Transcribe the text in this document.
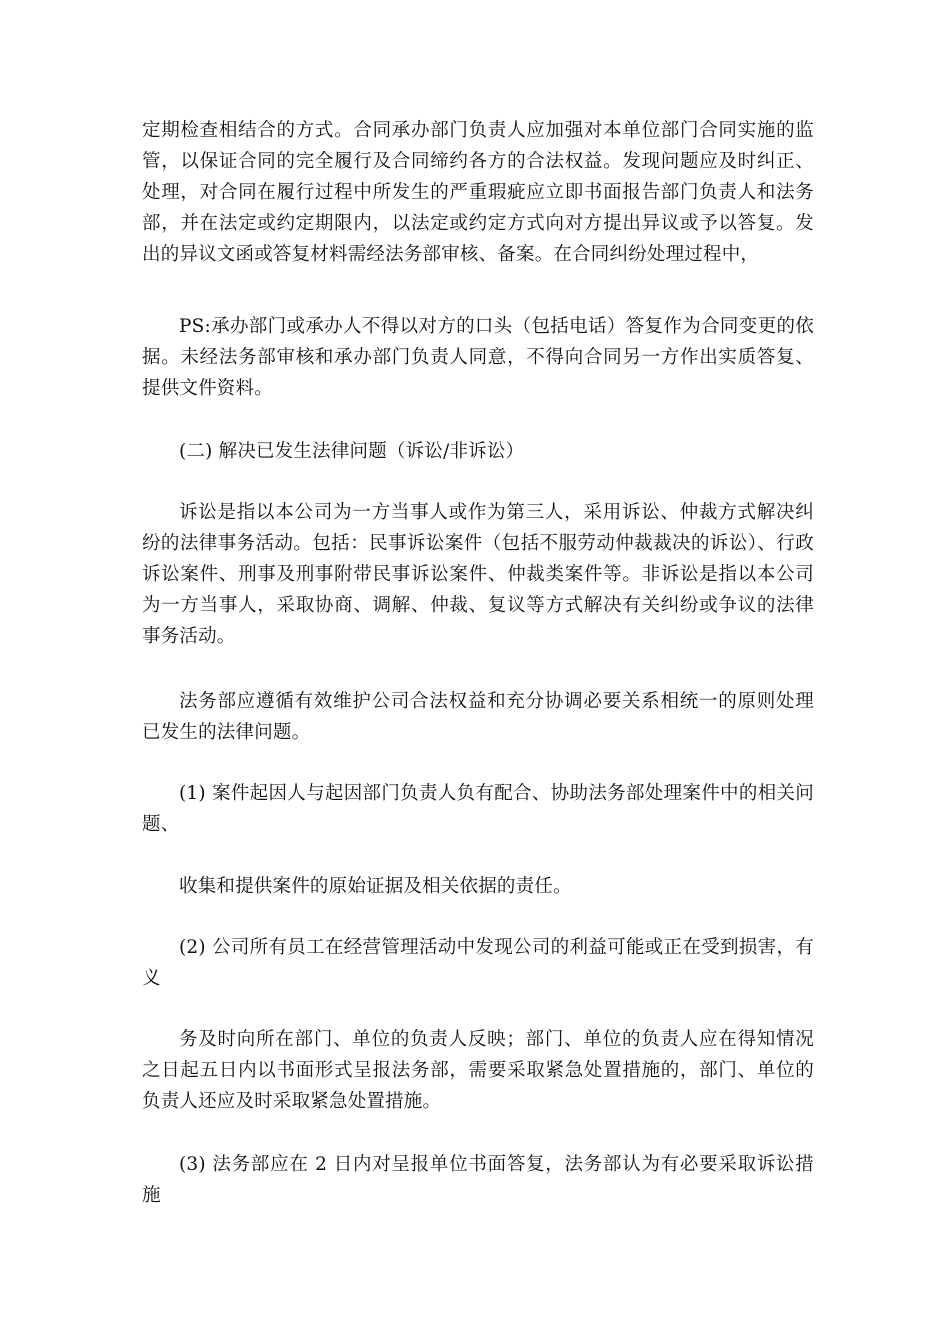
定期检查相结合的方式。合同承办部门负责人应加强对本单位部门合同实施的监管，以保证合同的完全履行及合同缔约各方的合法权益。发现问题应及时纠正、处理，对合同在履行过程中所发生的严重瑕疵应立即书面报告部门负责人和法务部，并在法定或约定期限内，以法定或约定方式向对方提出异议或予以答复。发出的异议文函或答复材料需经法务部审核、备案。在合同纠纷处理过程中，

PS:承办部门或承办人不得以对方的口头（包括电话）答复作为合同变更的依据。未经法务部审核和承办部门负责人同意，不得向合同另一方作出实质答复、提供文件资料。

(二) 解决已发生法律问题（诉讼/非诉讼）

诉讼是指以本公司为一方当事人或作为第三人，采用诉讼、仲裁方式解决纠纷的法律事务活动。包括：民事诉讼案件（包括不服劳动仲裁裁决的诉讼）、行政诉讼案件、刑事及刑事附带民事诉讼案件、仲裁类案件等。非诉讼是指以本公司为一方当事人，采取协商、调解、仲裁、复议等方式解决有关纠纷或争议的法律事务活动。

法务部应遵循有效维护公司合法权益和充分协调必要关系相统一的原则处理已发生的法律问题。

(1) 案件起因人与起因部门负责人负有配合、协助法务部处理案件中的相关问题、

收集和提供案件的原始证据及相关依据的责任。

(2) 公司所有员工在经营管理活动中发现公司的利益可能或正在受到损害，有义

务及时向所在部门、单位的负责人反映；部门、单位的负责人应在得知情况之日起五日内以书面形式呈报法务部，需要采取紧急处置措施的，部门、单位的负责人还应及时采取紧急处置措施。

(3) 法务部应在 2 日内对呈报单位书面答复，法务部认为有必要采取诉讼措施
